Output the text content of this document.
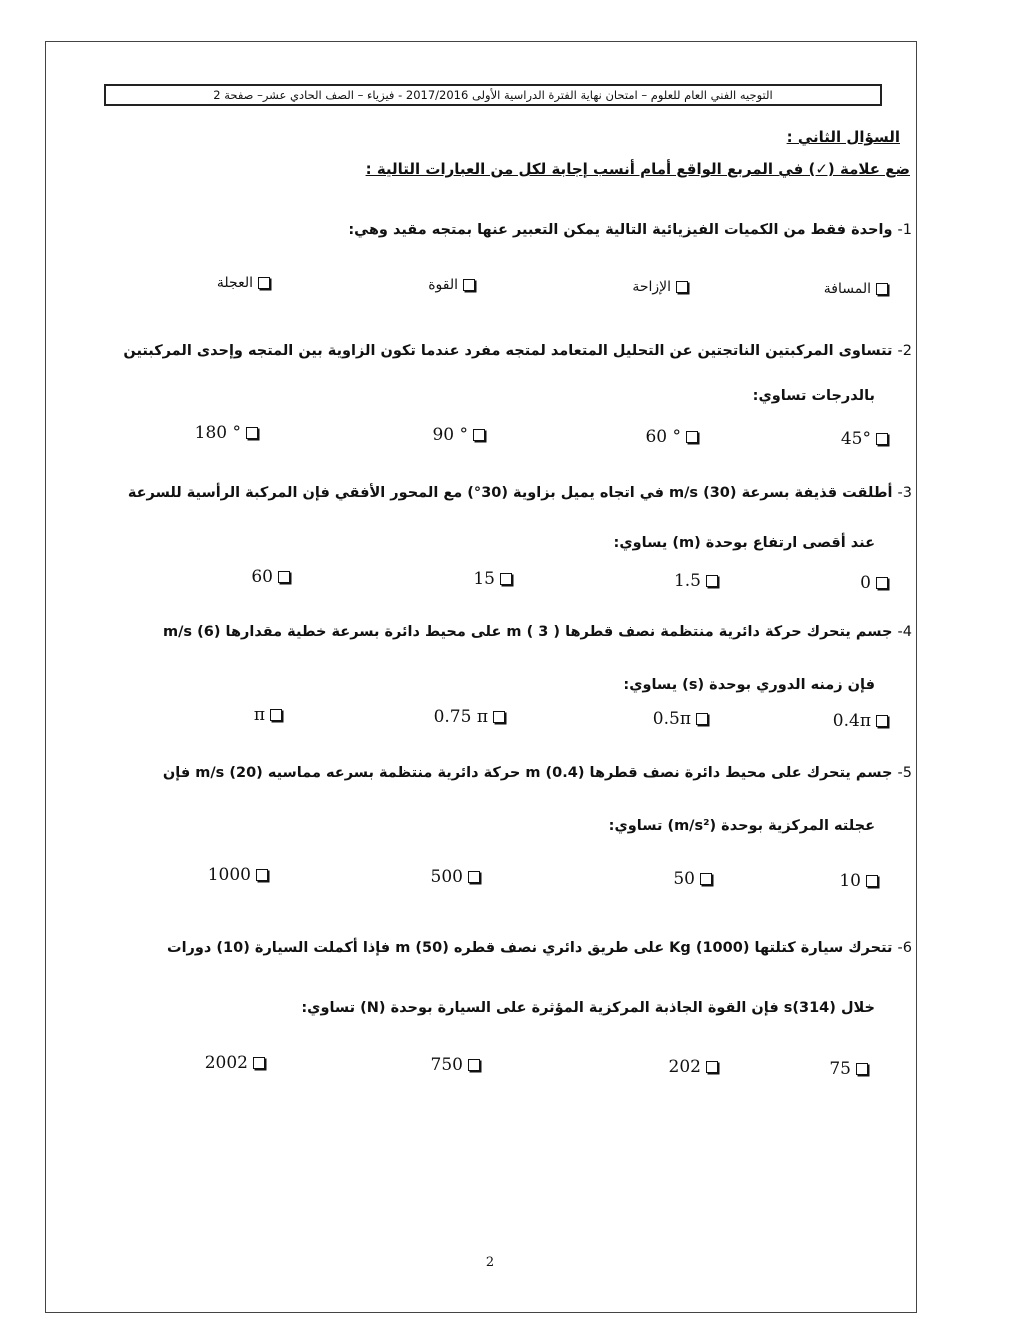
التوجيه الفني العام للعلوم – امتحان نهاية الفترة الدراسية الأولى 2017/2016 - فيزياء – الصف الحادي عشر– صفحة 2
السؤال الثاني :
ضع علامة (✓) في المربع الواقع أمام أنسب إجابة لكل من العبارات التالية :
1- واحدة فقط من الكميات الفيزيائية التالية يمكن التعبير عنها بمتجه مقيد وهي:
المسافة
الإزاحة
القوة
العجلة
2- تتساوى المركبتين الناتجتين عن التحليل المتعامد لمتجه مفرد عندما تكون الزاوية بين المتجه وإحدى المركبتين
بالدرجات تساوي:
45°
60 °
90 °
180 °
3- أطلقت قذيفة بسرعة m/s (30) في اتجاه يميل بزاوية (30°) مع المحور الأفقي فإن المركبة الرأسية للسرعة
عند أقصى ارتفاع بوحدة (m) يساوي:
0
1.5
15
60
4- جسم يتحرك حركة دائرية منتظمة نصف قطرها m ( 3 ) على محيط دائرة بسرعة خطية مقدارها m/s (6)
فإن زمنه الدوري بوحدة (s) يساوي:
0.4π
0.5π
0.75 π
π
5- جسم يتحرك على محيط دائرة نصف قطرها m (0.4) حركة دائرية منتظمة بسرعه مماسيه m/s (20) فإن
عجلته المركزية بوحدة (m/s²) تساوي:
10
50
500
1000
6- تتحرك سيارة كتلتها Kg (1000) على طريق دائري نصف قطره m (50) فإذا أكملت السيارة (10) دورات
خلال s(314) فإن القوة الجاذبة المركزية المؤثرة على السيارة بوحدة (N) تساوي:
75
202
750
2002
2
